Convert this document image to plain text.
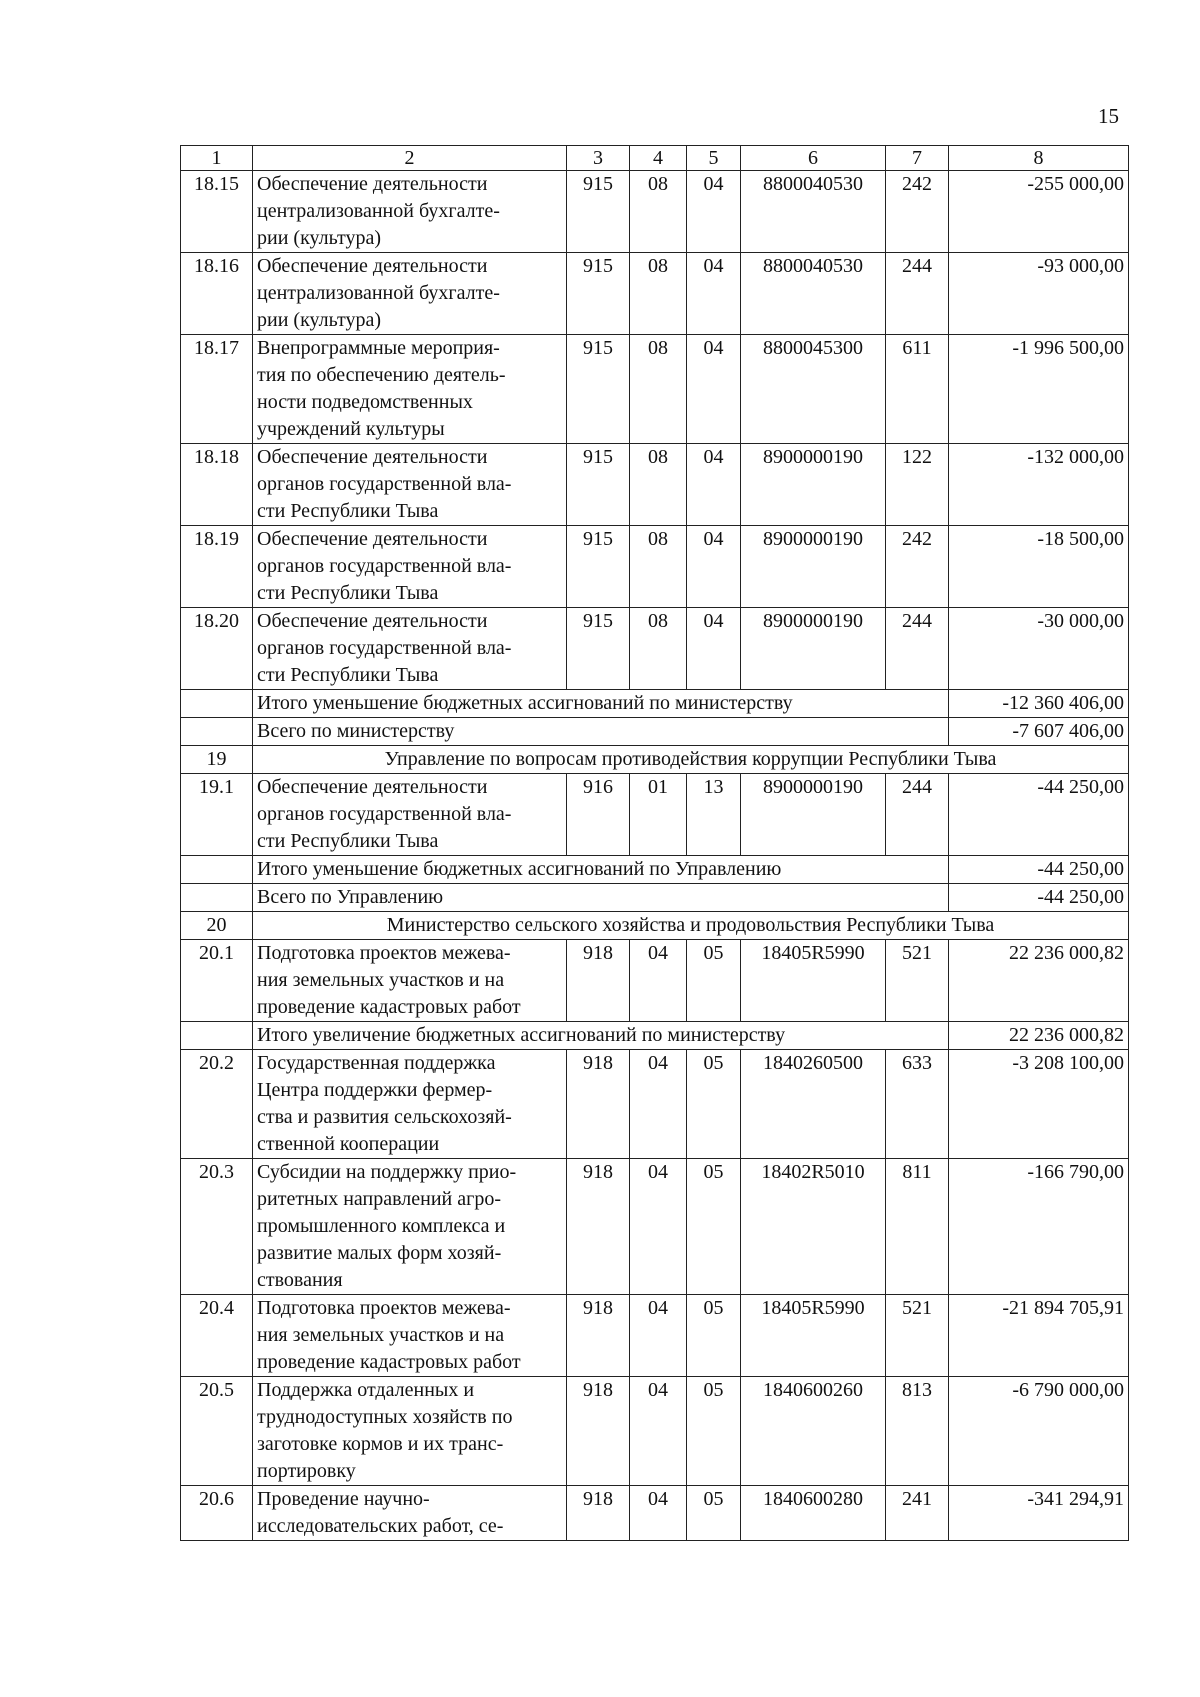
15
1	2	3	4	5	6	7	8
18.15	Обеспечение деятельности
централизованной бухгалте-
рии (культура)	915	08	04	8800040530	242	-255 000,00
18.16	Обеспечение деятельности
централизованной бухгалте-
рии (культура)	915	08	04	8800040530	244	-93 000,00
18.17	Внепрограммные мероприя-
тия по обеспечению деятель-
ности подведомственных
учреждений культуры	915	08	04	8800045300	611	-1 996 500,00
18.18	Обеспечение деятельности
органов государственной вла-
сти Республики Тыва	915	08	04	8900000190	122	-132 000,00
18.19	Обеспечение деятельности
органов государственной вла-
сти Республики Тыва	915	08	04	8900000190	242	-18 500,00
18.20	Обеспечение деятельности
органов государственной вла-
сти Республики Тыва	915	08	04	8900000190	244	-30 000,00
	Итого уменьшение бюджетных ассигнований по министерству						-12 360 406,00
	Всего по министерству						-7 607 406,00
19	Управление по вопросам противодействия коррупции Республики Тыва						
19.1	Обеспечение деятельности
органов государственной вла-
сти Республики Тыва	916	01	13	8900000190	244	-44 250,00
	Итого уменьшение бюджетных ассигнований по Управлению						-44 250,00
	Всего по Управлению						-44 250,00
20	Министерство сельского хозяйства и продовольствия Республики Тыва						
20.1	Подготовка проектов межева-
ния земельных участков и на
проведение кадастровых работ	918	04	05	18405R5990	521	22 236 000,82
	Итого увеличение бюджетных ассигнований по министерству						22 236 000,82
20.2	Государственная поддержка
Центра поддержки фермер-
ства и развития сельскохозяй-
ственной кооперации	918	04	05	1840260500	633	-3 208 100,00
20.3	Субсидии на поддержку прио-
ритетных направлений агро-
промышленного комплекса и
развитие малых форм хозяй-
ствования	918	04	05	18402R5010	811	-166 790,00
20.4	Подготовка проектов межева-
ния земельных участков и на
проведение кадастровых работ	918	04	05	18405R5990	521	-21 894 705,91
20.5	Поддержка отдаленных и
труднодоступных хозяйств по
заготовке кормов и их транс-
портировку	918	04	05	1840600260	813	-6 790 000,00
20.6	Проведение научно-
исследовательских работ, се-	918	04	05	1840600280	241	-341 294,91
